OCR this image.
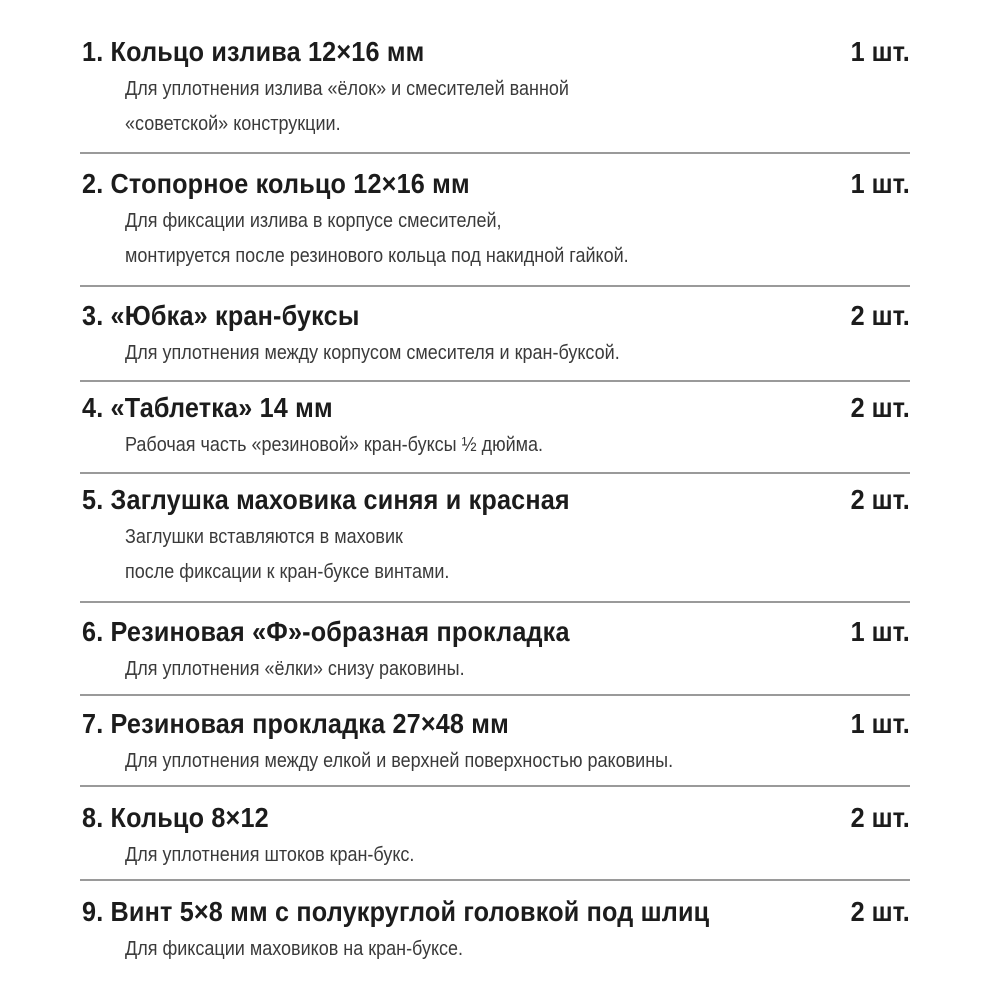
1. Кольцо излива 12×16 мм	1 шт.
Для уплотнения излива «ёлок» и смесителей ванной
«советской» конструкции.
2. Стопорное кольцо 12×16 мм	1 шт.
Для фиксации излива в корпусе смесителей,
монтируется после резинового кольца под накидной гайкой.
3. «Юбка» кран-буксы	2 шт.
Для уплотнения между корпусом смесителя и кран-буксой.
4. «Таблетка» 14 мм	2 шт.
Рабочая часть «резиновой» кран-буксы ½ дюйма.
5. Заглушка маховика синяя и красная	2 шт.
Заглушки вставляются в маховик
после фиксации к кран-буксе винтами.
6. Резиновая «Ф»-образная прокладка	1 шт.
Для уплотнения «ёлки» снизу раковины.
7. Резиновая прокладка 27×48 мм	1 шт.
Для уплотнения между елкой и верхней поверхностью раковины.
8. Кольцо 8×12	2 шт.
Для уплотнения штоков кран-букс.
9. Винт 5×8 мм с полукруглой головкой под шлиц	2 шт.
Для фиксации маховиков на кран-буксе.
